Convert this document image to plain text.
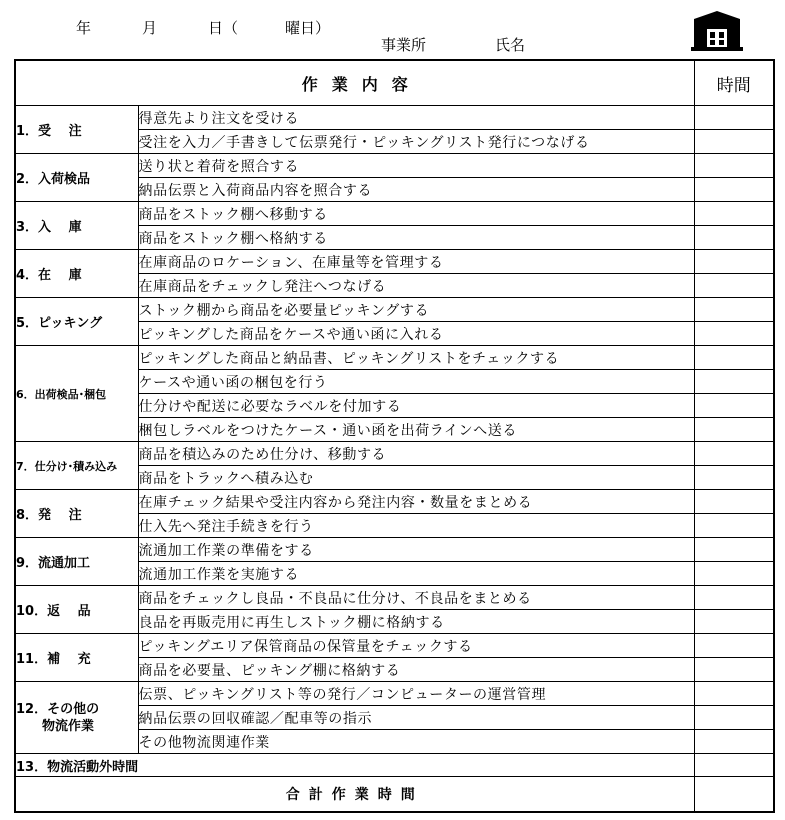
年	月	日（	曜日）
事業所	氏名
作業内容		時間
1．受　 注	得意先より注文を受ける	
	受注を入力／手書きして伝票発行・ピッキングリスト発行につなげる	
2．入荷検品	送り状と着荷を照合する	
	納品伝票と入荷商品内容を照合する	
3．入　 庫	商品をストック棚へ移動する	
	商品をストック棚へ格納する	
4．在　 庫	在庫商品のロケーション、在庫量等を管理する	
	在庫商品をチェックし発注へつなげる	
5．ピッキング	ストック棚から商品を必要量ピッキングする	
	ピッキングした商品をケースや通い函に入れる	
6．出荷検品･梱包	ピッキングした商品と納品書、ピッキングリストをチェックする	
	ケースや通い函の梱包を行う	
	仕分けや配送に必要なラベルを付加する	
	梱包しラベルをつけたケース・通い函を出荷ラインへ送る	
7．仕分け･積み込み	商品を積込みのため仕分け、移動する	
	商品をトラックへ積み込む	
8．発　 注	在庫チェック結果や受注内容から発注内容・数量をまとめる	
	仕入先へ発注手続きを行う	
9．流通加工	流通加工作業の準備をする	
	流通加工作業を実施する	
10．返　 品	商品をチェックし良品・不良品に仕分け、不良品をまとめる	
	良品を再販売用に再生しストック棚に格納する	
11．補　 充	ピッキングエリア保管商品の保管量をチェックする	
	商品を必要量、ピッキング棚に格納する	

12．その他の
物流作業	伝票、ピッキングリスト等の発行／コンピューターの運営管理	
	納品伝票の回収確認／配車等の指示	
	その他物流関連作業	
13．物流活動外時間		
合計作業時間		
